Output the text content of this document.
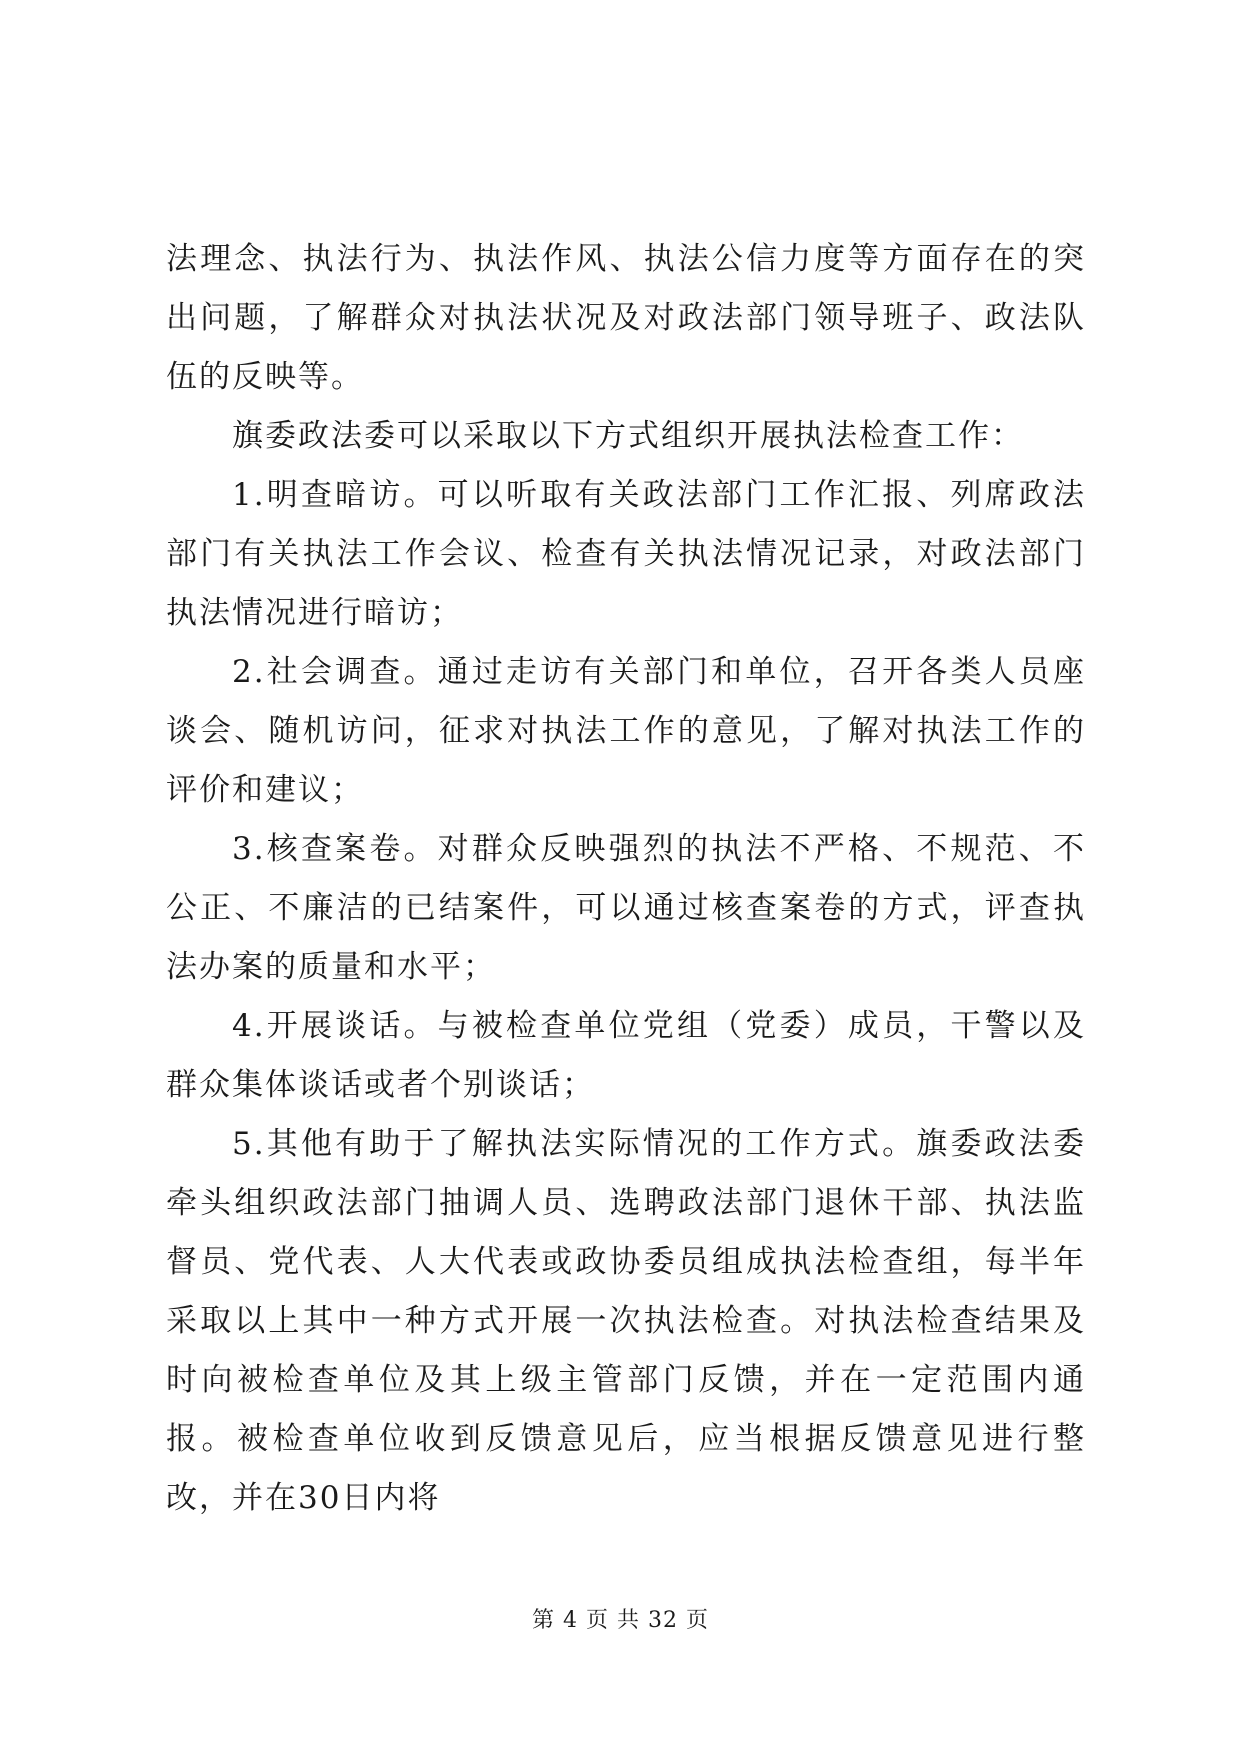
法理念、执法行为、执法作风、执法公信力度等方面存在的突出问题，了解群众对执法状况及对政法部门领导班子、政法队伍的反映等。

旗委政法委可以采取以下方式组织开展执法检查工作：

1.明查暗访。可以听取有关政法部门工作汇报、列席政法部门有关执法工作会议、检查有关执法情况记录，对政法部门执法情况进行暗访；

2.社会调查。通过走访有关部门和单位，召开各类人员座谈会、随机访问，征求对执法工作的意见，了解对执法工作的评价和建议；

3.核查案卷。对群众反映强烈的执法不严格、不规范、不公正、不廉洁的已结案件，可以通过核查案卷的方式，评查执法办案的质量和水平；

4.开展谈话。与被检查单位党组（党委）成员，干警以及群众集体谈话或者个别谈话；

5.其他有助于了解执法实际情况的工作方式。旗委政法委牵头组织政法部门抽调人员、选聘政法部门退休干部、执法监督员、党代表、人大代表或政协委员组成执法检查组，每半年采取以上其中一种方式开展一次执法检查。对执法检查结果及时向被检查单位及其上级主管部门反馈，并在一定范围内通报。被检查单位收到反馈意见后，应当根据反馈意见进行整改，并在30日内将

第 4 页 共 32 页
